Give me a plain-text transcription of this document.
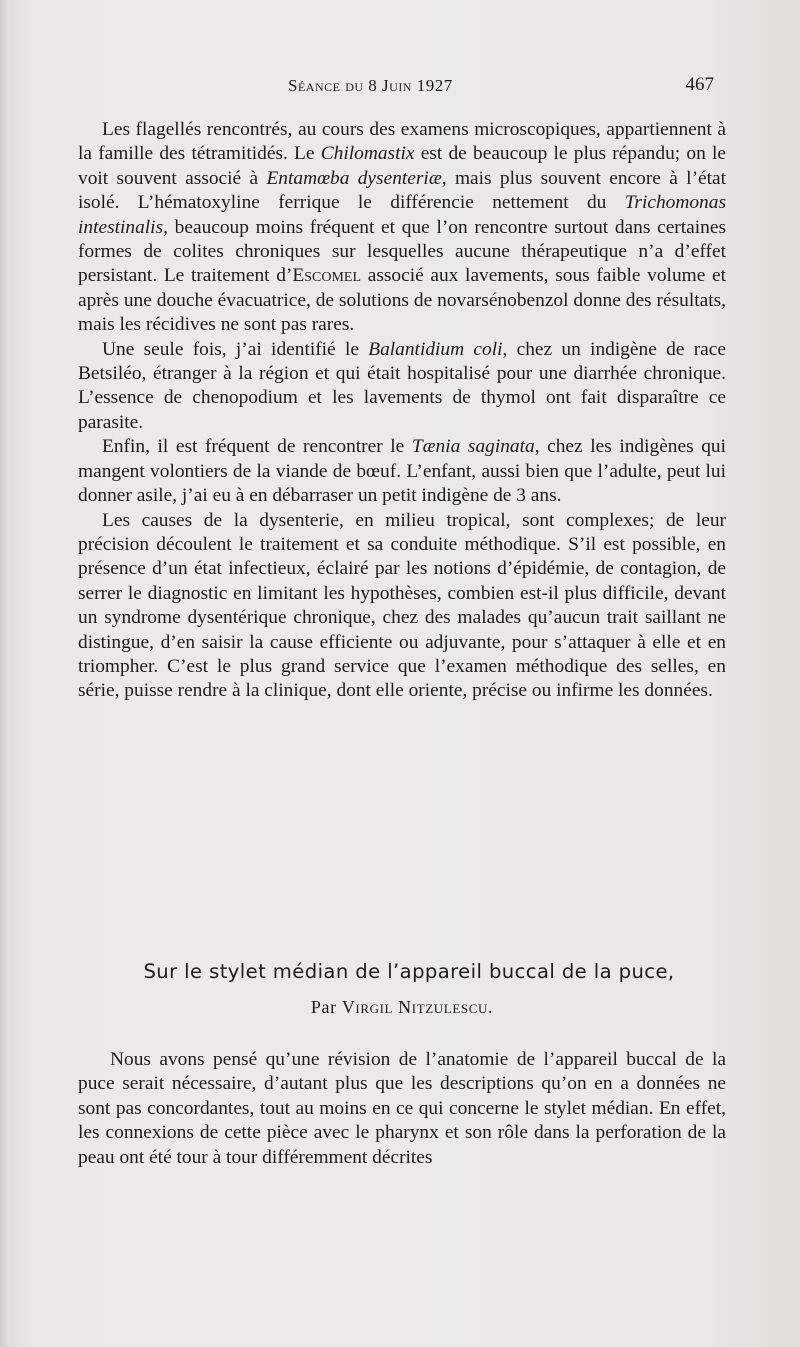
Séance du 8 Juin 1927	467

Les flagellés rencontrés, au cours des examens microscopiques, appartiennent à la famille des tétramitidés. Le Chilomastix est de beaucoup le plus répandu; on le voit souvent associé à Entamœba dysenteriæ, mais plus souvent encore à l’état isolé. L’hématoxyline ferrique le différencie nettement du Trichomonas intestinalis, beaucoup moins fréquent et que l’on rencontre surtout dans certaines formes de colites chroniques sur lesquelles aucune thérapeutique n’a d’effet persistant. Le traitement d’Escomel associé aux lavements, sous faible volume et après une douche évacuatrice, de solutions de novarsénobenzol donne des résultats, mais les récidives ne sont pas rares.

Une seule fois, j’ai identifié le Balantidium coli, chez un indigène de race Betsiléo, étranger à la région et qui était hospitalisé pour une diarrhée chronique. L’essence de chenopodium et les lavements de thymol ont fait disparaître ce parasite.

Enfin, il est fréquent de rencontrer le Tænia saginata, chez les indigènes qui mangent volontiers de la viande de bœuf. L’enfant, aussi bien que l’adulte, peut lui donner asile, j’ai eu à en débarraser un petit indigène de 3 ans.

Les causes de la dysenterie, en milieu tropical, sont complexes; de leur précision découlent le traitement et sa conduite méthodique. S’il est possible, en présence d’un état infectieux, éclairé par les notions d’épidémie, de contagion, de serrer le diagnostic en limitant les hypothèses, combien est-il plus difficile, devant un syndrome dysentérique chronique, chez des malades qu’aucun trait saillant ne distingue, d’en saisir la cause efficiente ou adjuvante, pour s’attaquer à elle et en triompher. C’est le plus grand service que l’examen méthodique des selles, en série, puisse rendre à la clinique, dont elle oriente, précise ou infirme les données.

Sur le stylet médian de l’appareil buccal de la puce,
Par Virgil Nitzulescu.

Nous avons pensé qu’une révision de l’anatomie de l’appareil buccal de la puce serait nécessaire, d’autant plus que les descriptions qu’on en a données ne sont pas concordantes, tout au moins en ce qui concerne le stylet médian. En effet, les connexions de cette pièce avec le pharynx et son rôle dans la perforation de la peau ont été tour à tour différemment décrites
